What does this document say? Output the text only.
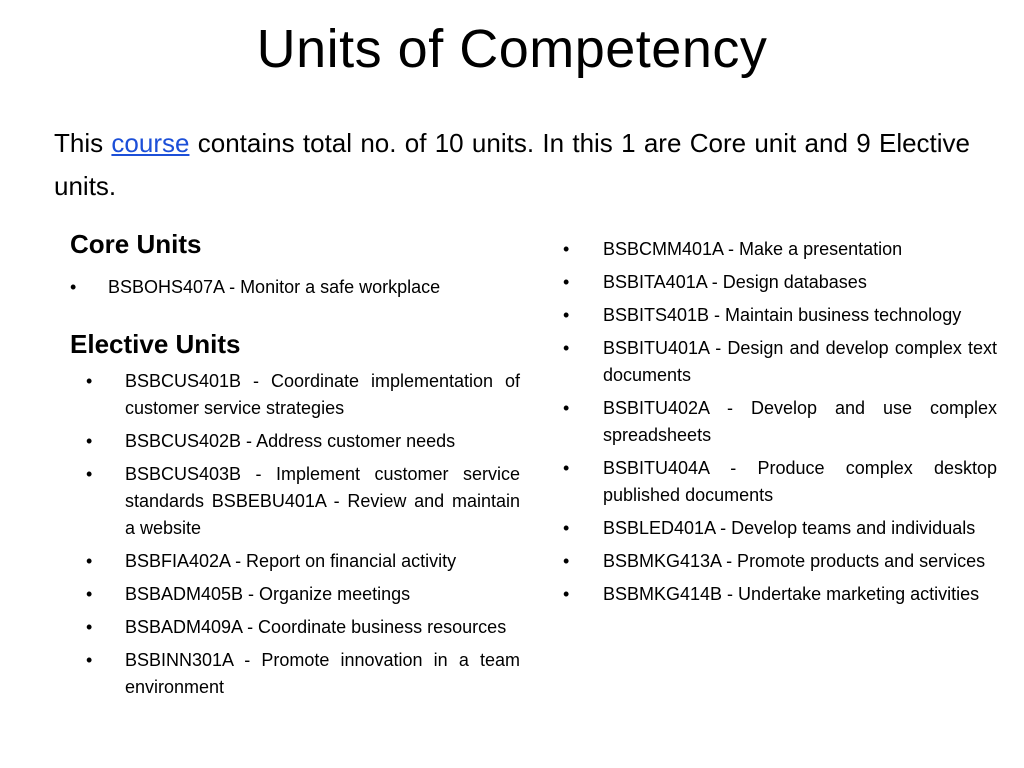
Units of Competency
This course contains total no. of 10 units. In this 1 are Core unit and 9 Elective units.
Core Units
• BSBOHS407A - Monitor a safe workplace
Elective Units
• BSBCUS401B - Coordinate implementation of customer service strategies
• BSBCUS402B - Address customer needs
• BSBCUS403B - Implement customer service standards BSBEBU401A - Review and maintain a website
• BSBFIA402A - Report on financial activity
• BSBADM405B - Organize meetings
• BSBADM409A - Coordinate business resources
• BSBINN301A - Promote innovation in a team environment
• BSBCMM401A - Make a presentation
• BSBITA401A - Design databases
• BSBITS401B - Maintain business technology
• BSBITU401A - Design and develop complex text documents
• BSBITU402A - Develop and use complex spreadsheets
• BSBITU404A - Produce complex desktop published documents
• BSBLED401A - Develop teams and individuals
• BSBMKG413A - Promote products and services
• BSBMKG414B - Undertake marketing activities
